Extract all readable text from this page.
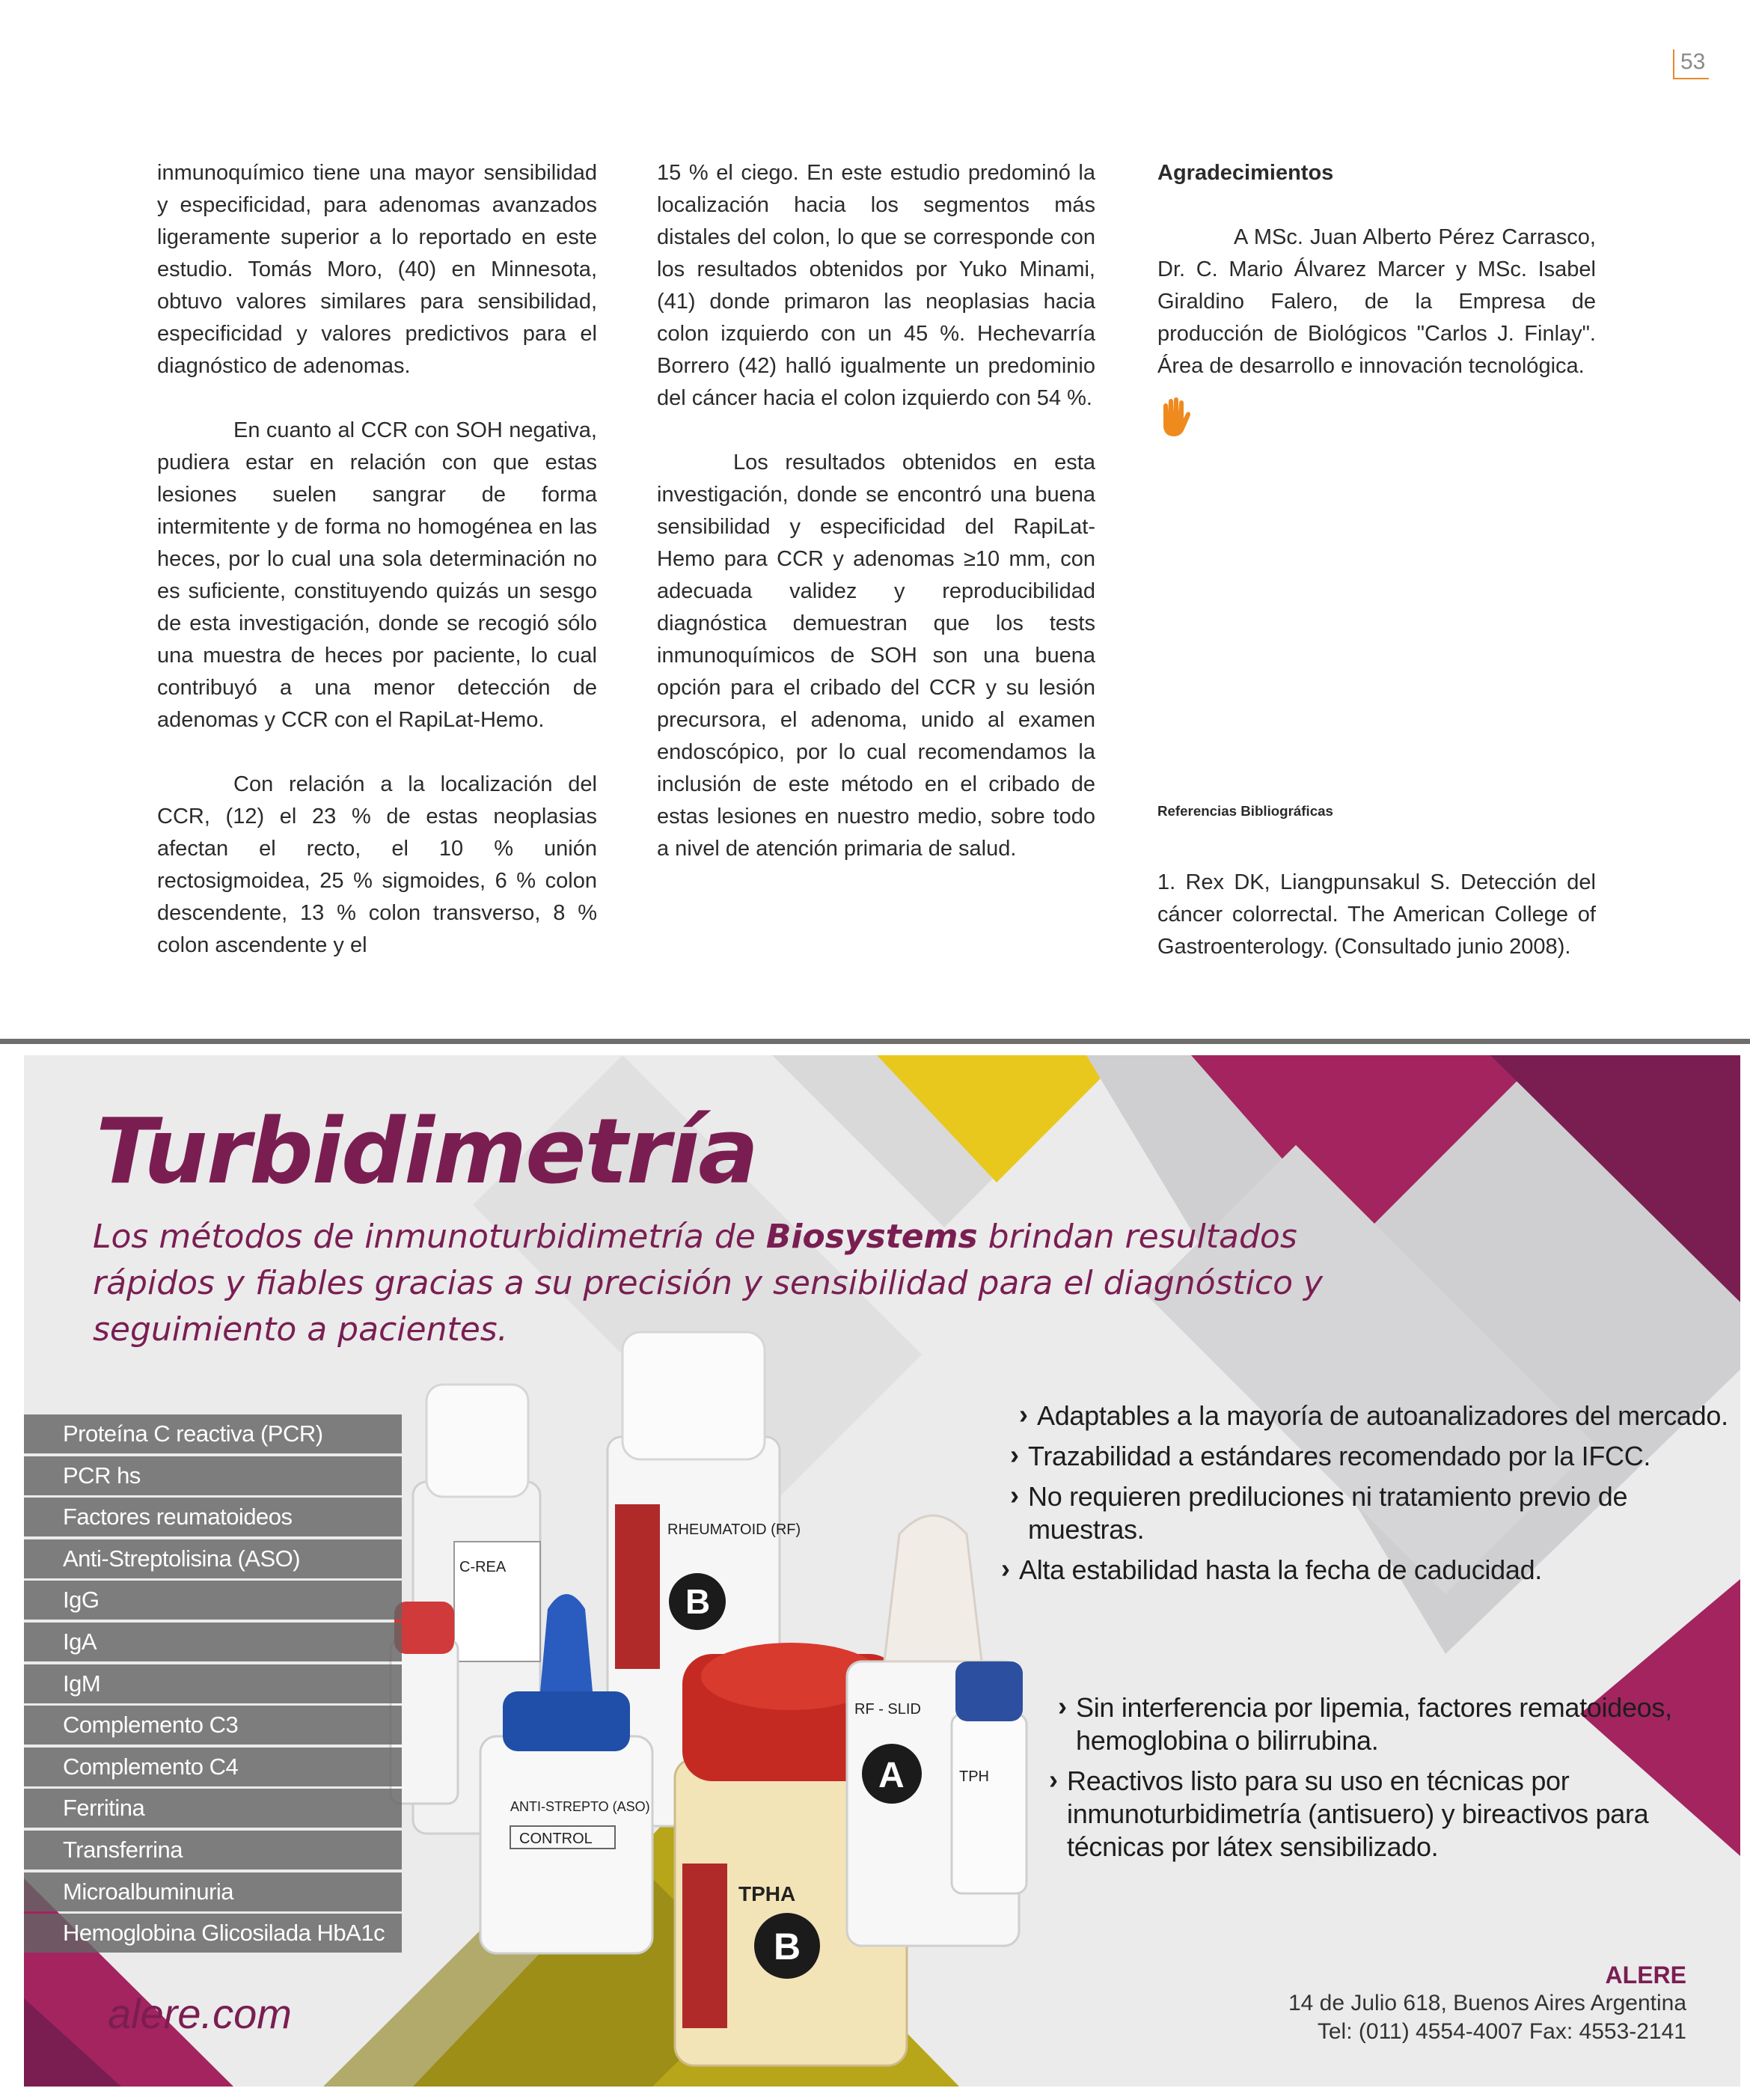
53

inmunoquímico tiene una mayor sensibilidad y especificidad, para adenomas avanzados ligeramente superior a lo reportado en este estudio. Tomás Moro, (40) en Minnesota, obtuvo valores similares para sensibilidad, especificidad y valores predictivos para el diagnóstico de adenomas.

En cuanto al CCR con SOH negativa, pudiera estar en relación con que estas lesiones suelen sangrar de forma intermitente y de forma no homogénea en las heces, por lo cual una sola determinación no es suficiente, constituyendo quizás un sesgo de esta investigación, donde se recogió sólo una muestra de heces por paciente, lo cual contribuyó a una menor detección de adenomas y CCR con el RapiLat-Hemo.

Con relación a la localización del CCR, (12) el 23 % de estas neoplasias afectan el recto, el 10 % unión rectosigmoidea, 25 % sigmoides, 6 % colon descendente, 13 % colon transverso, 8 % colon ascendente y el

15 % el ciego. En este estudio predominó la localización hacia los segmentos más distales del colon, lo que se corresponde con los resultados obtenidos por Yuko Minami, (41) donde primaron las neoplasias hacia colon izquierdo con un 45 %. Hechevarría Borrero (42) halló igualmente un predominio del cáncer hacia el colon izquierdo con 54 %.

Los resultados obtenidos en esta investigación, donde se encontró una buena sensibilidad y especificidad del RapiLat-Hemo para CCR y adenomas ≥10 mm, con adecuada validez y reproducibilidad diagnóstica demuestran que los tests inmunoquímicos de SOH son una buena opción para el cribado del CCR y su lesión precursora, el adenoma, unido al examen endoscópico, por lo cual recomendamos la inclusión de este método en el cribado de estas lesiones en nuestro medio, sobre todo a nivel de atención primaria de salud.

Agradecimientos

A MSc. Juan Alberto Pérez Carrasco, Dr. C. Mario Álvarez Marcer y MSc. Isabel Giraldino Falero, de la Empresa de producción de Biológicos "Carlos J. Finlay". Área de desarrollo e innovación tecnológica.

Referencias Bibliográficas

1. Rex DK, Liangpunsakul S. Detección del cáncer colorrectal. The American College of Gastroenterology. (Consultado junio 2008).

C-REA
RHEUMATOID (RF)
B
ANTI-STREPTO (ASO)
CONTROL
TPHA
B
RF - SLID
A	TPH
Turbidimetría
Los métodos de inmunoturbidimetría de Biosystems brindan resultados rápidos y fiables gracias a su precisión y sensibilidad para el diagnóstico y seguimiento a pacientes.
Proteína C reactiva (PCR)
PCR hs
Factores reumatoideos
Anti-Streptolisina (ASO)
IgG
IgA
IgM
Complemento C3
Complemento C4
Ferritina
Transferrina
Microalbuminuria
Hemoglobina Glicosilada HbA1c
› Adaptables a la mayoría de autoanalizadores del mercado.
› Trazabilidad a estándares recomendado por la IFCC.
› No requieren prediluciones ni tratamiento previo de muestras.
› Alta estabilidad hasta la fecha de caducidad.
› Sin interferencia por lipemia, factores rematoideos, hemoglobina o bilirrubina.
› Reactivos listo para su uso en técnicas por inmunoturbidimetría (antisuero) y bireactivos para técnicas por látex sensibilizado.
alere.com
ALERE
14 de Julio 618, Buenos Aires Argentina
Tel: (011) 4554-4007 Fax: 4553-2141
